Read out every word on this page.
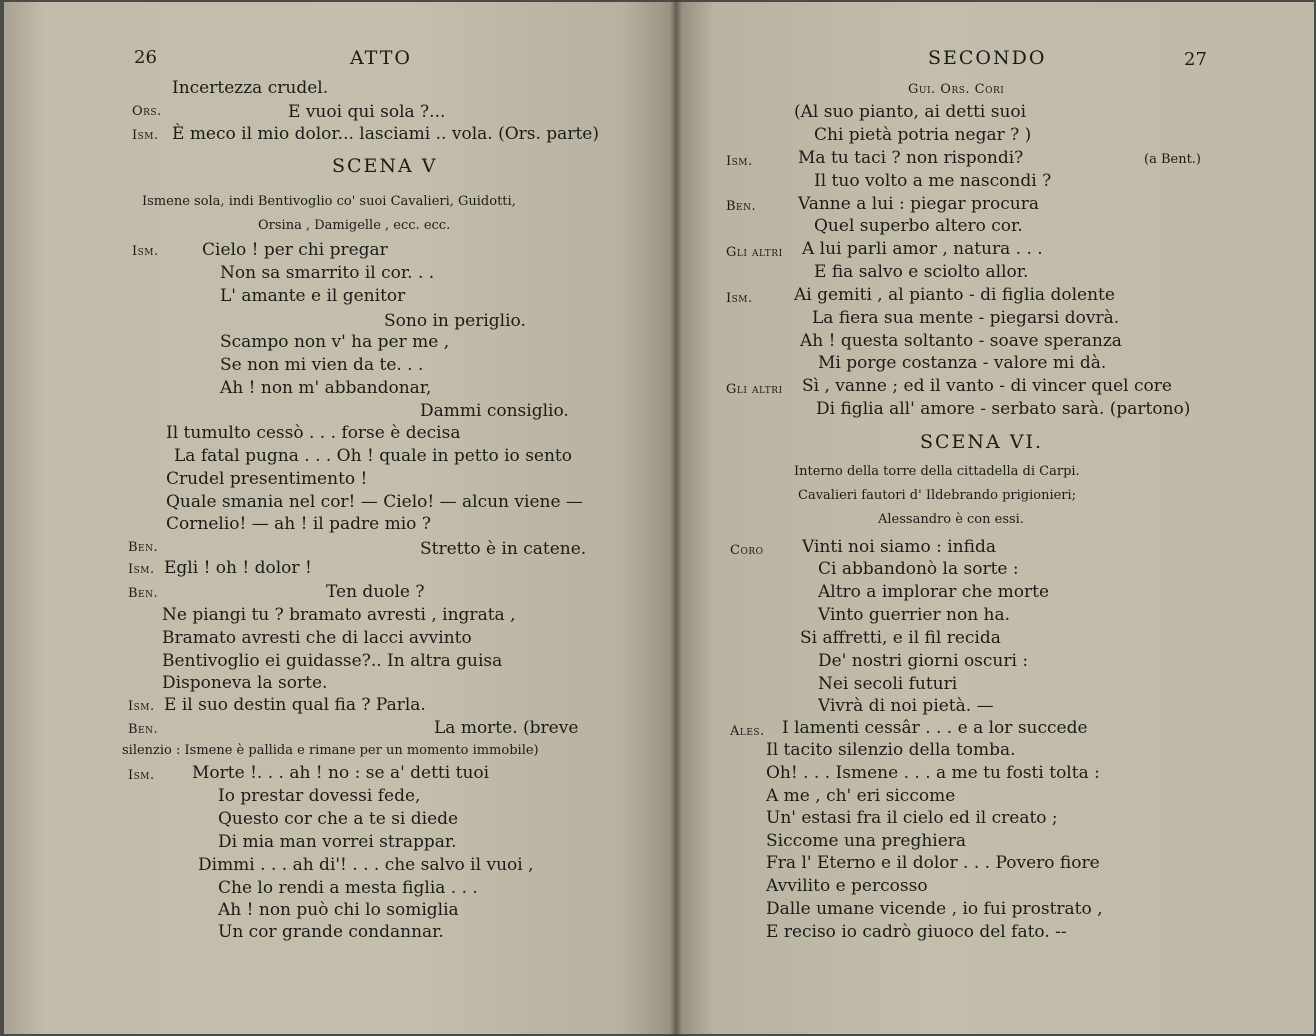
26	ATTO
Incertezza crudel.
Ors.	E vuoi qui sola ?...
Ism. È meco il mio dolor... lasciami .. vola. (Ors. parte)
SCENA V
Ismene sola, indi Bentivoglio co' suoi Cavalieri, Guidotti,
Orsina , Damigelle , ecc. ecc.
Ism.	Cielo ! per chi pregar
Non sa smarrito il cor. . .
L' amante e il genitor
Sono in periglio.
Scampo non v' ha per me ,
Se non mi vien da te. . .
Ah ! non m' abbandonar,
Dammi consiglio.
Il tumulto cessò . . . forse è decisa
La fatal pugna . . . Oh ! quale in petto io sento
Crudel presentimento !
Quale smania nel cor! — Cielo! — alcun viene —
Cornelio! — ah ! il padre mio ?
Ben.	Stretto è in catene.
Ism. Egli ! oh ! dolor !
Ben.	Ten duole ?
Ne piangi tu ? bramato avresti , ingrata ,
Bramato avresti che di lacci avvinto
Bentivoglio ei guidasse?.. In altra guisa
Disponeva la sorte.
Ism. E il suo destin qual fia ? Parla.
Ben.	La morte. (breve
silenzio : Ismene è pallida e rimane per un momento immobile)
Ism. Morte !. . . ah ! no : se a' detti tuoi
Io prestar dovessi fede,
Questo cor che a te si diede
Di mia man vorrei strappar.
Dimmi . . . ah di'! . . . che salvo il vuoi ,
Che lo rendi a mesta figlia . . .
Ah ! non può chi lo somiglia
Un cor grande condannar.
SECONDO	27
Gui. Ors. Cori
(Al suo pianto, ai detti suoi
Chi pietà potria negar ? )
Ism.	Ma tu taci ? non rispondi?	(a Bent.)
Il tuo volto a me nascondi ?
Ben. Vanne a lui : piegar procura
Quel superbo altero cor.
Gli altri A lui parli amor , natura . . .
E fia salvo e sciolto allor.
Ism. Ai gemiti , al pianto - di figlia dolente
La fiera sua mente - piegarsi dovrà.
Ah ! questa soltanto - soave speranza
Mi porge costanza - valore mi dà.
Gli altri Sì , vanne ; ed il vanto - di vincer quel core
Di figlia all' amore - serbato sarà. (partono)
SCENA VI.
Interno della torre della cittadella di Carpi.
Cavalieri fautori d' Ildebrando prigionieri;
Alessandro è con essi.
Coro Vinti noi siamo : infida
Ci abbandonò la sorte :
Altro a implorar che morte
Vinto guerrier non ha.
Si affretti, e il fil recida
De' nostri giorni oscuri :
Nei secoli futuri
Vivrà di noi pietà. —
Ales. I lamenti cessâr . . . e a lor succede
Il tacito silenzio della tomba.
Oh! . . . Ismene . . . a me tu fosti tolta :
A me , ch' eri siccome
Un' estasi fra il cielo ed il creato ;
Siccome una preghiera
Fra l' Eterno e il dolor . . . Povero fiore
Avvilito e percosso
Dalle umane vicende , io fui prostrato ,
E reciso io cadrò giuoco del fato. --
